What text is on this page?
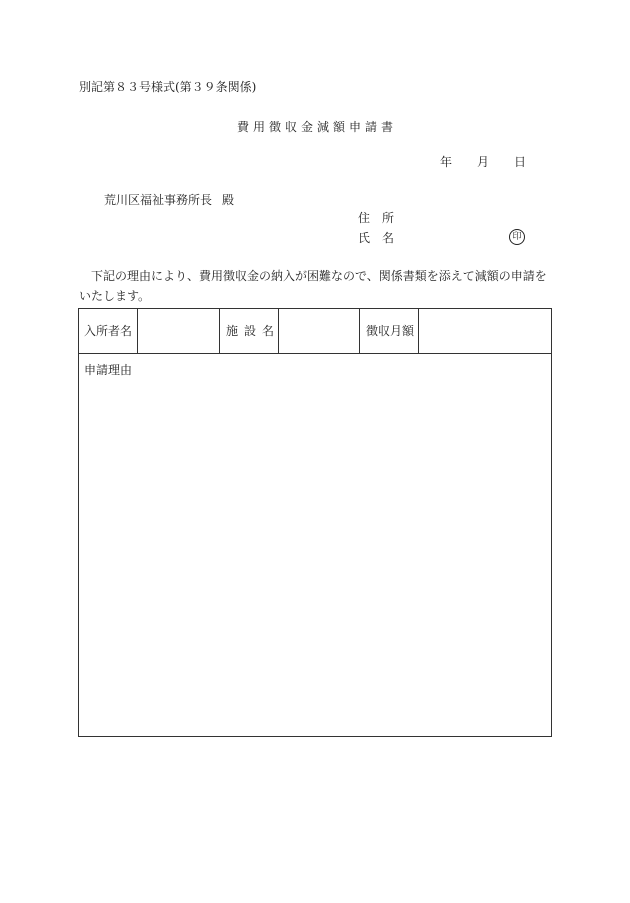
別記第８３号様式(第３９条関係)
費用徴収金減額申請書
年	月	日
荒川区福祉事務所長 殿
住所
氏名	印
下記の理由により、費用徴収金の納入が困難なので、関係書類を添えて減額の申請をいたします。
入所者名	施設名	徴収月額
申請理由
